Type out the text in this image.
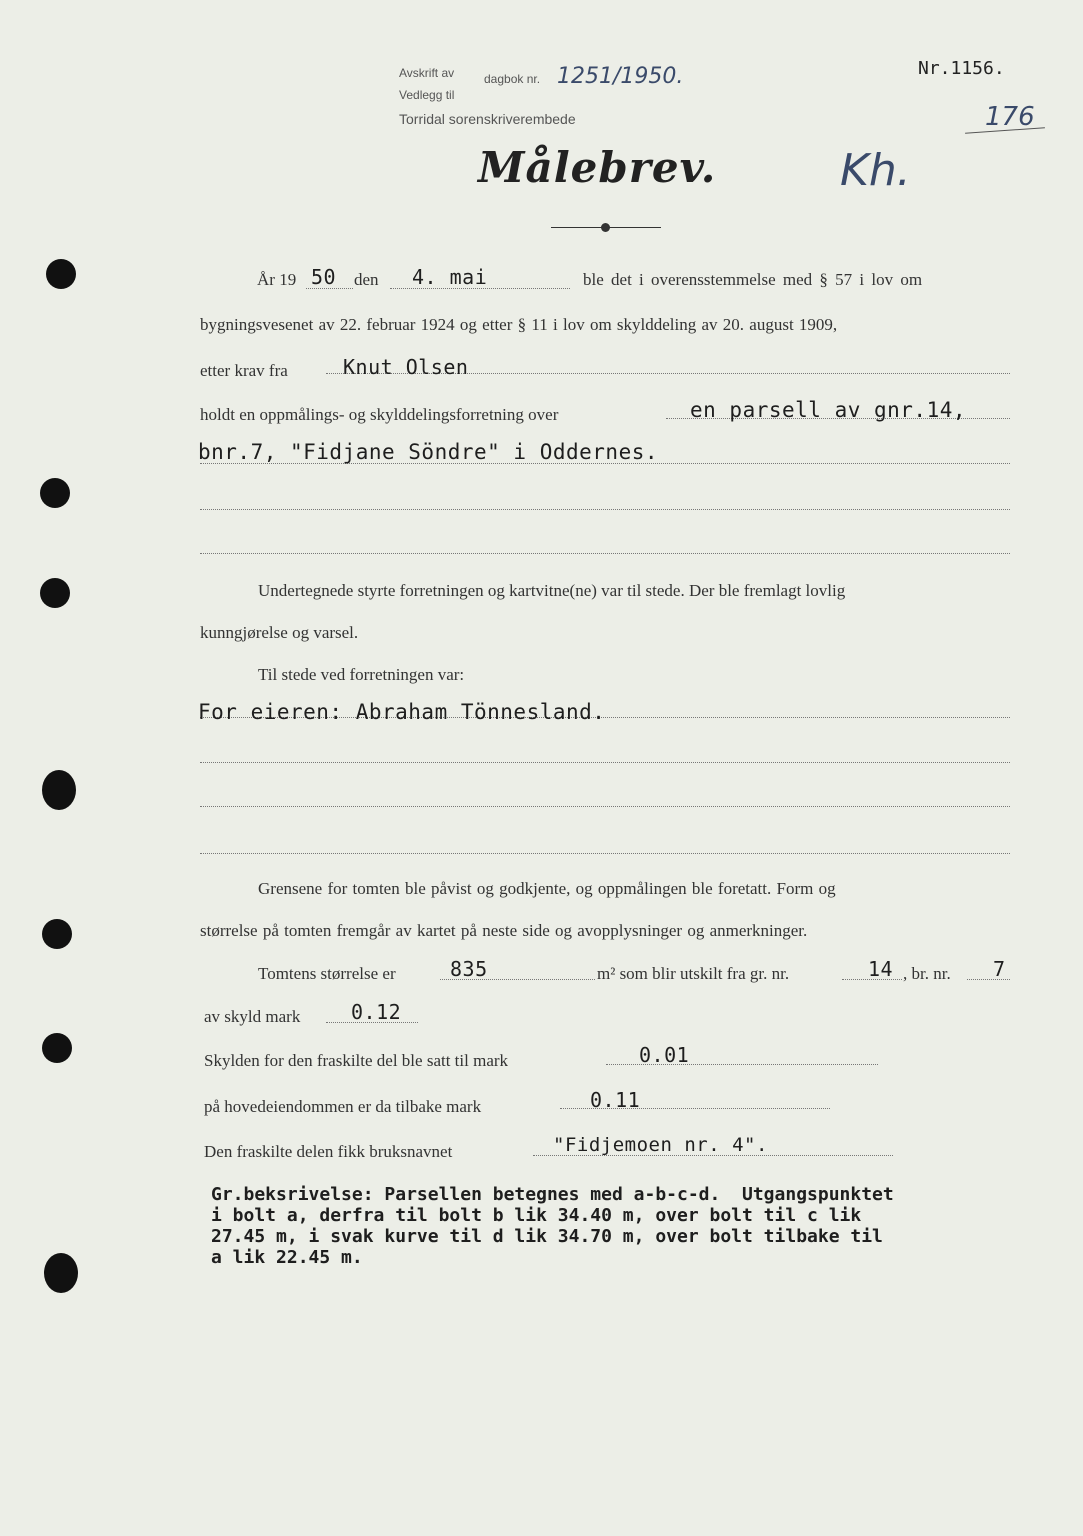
Avskrift av
Vedlegg til
dagbok nr. 1251/1950.
Torridal sorenskriverembede
Nr.1156.
176
Målebrev.	Kh.
År 19 50 den 4. mai	ble det i overensstemmelse med § 57 i lov om
bygningsvesenet av 22. februar 1924 og etter § 11 i lov om skylddeling av 20. august 1909,
etter krav fra	Knut Olsen
holdt en oppmålings- og skylddelingsforretning over	en parsell av gnr.14,
bnr.7, "Fidjane Söndre" i Oddernes.
Undertegnede styrte forretningen og kartvitne(ne) var til stede. Der ble fremlagt lovlig
kunngjørelse og varsel.
Til stede ved forretningen var:
For eieren: Abraham Tönnesland.
Grensene for tomten ble påvist og godkjente, og oppmålingen ble foretatt. Form og
størrelse på tomten fremgår av kartet på neste side og avopplysninger og anmerkninger.
Tomtens størrelse er	835	m² som blir utskilt fra gr. nr.	14 , br. nr. 7
av skyld mark	0.12
Skylden for den fraskilte del ble satt til mark	0.01
på hovedeiendommen er da tilbake mark	0.11
Den fraskilte delen fikk bruksnavnet	"Fidjemoen nr. 4".
Gr.beksrivelse: Parsellen betegnes med a-b-c-d.  Utgangspunktet
i bolt a, derfra til bolt b lik 34.40 m, over bolt til c lik
27.45 m, i svak kurve til d lik 34.70 m, over bolt tilbake til
a lik 22.45 m.
